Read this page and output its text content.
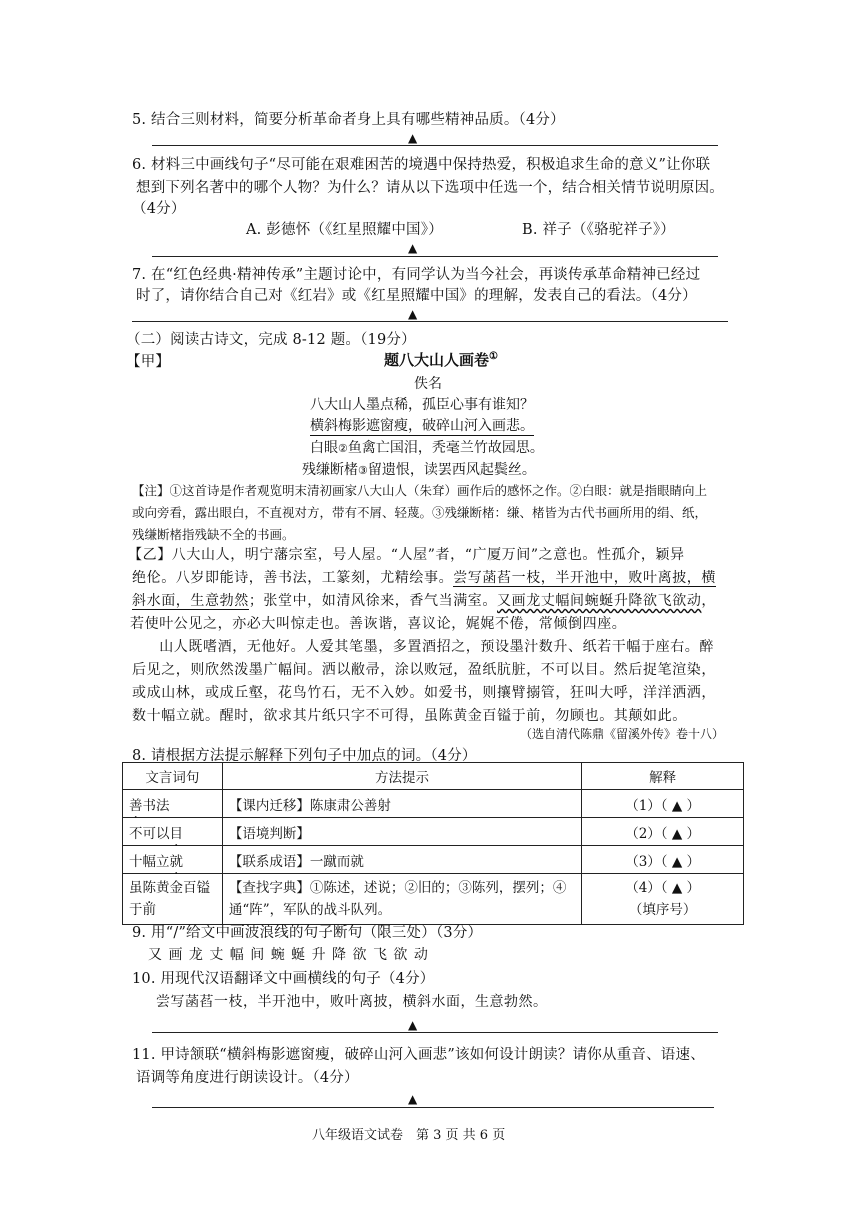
5. 结合三则材料，简要分析革命者身上具有哪些精神品质。（4分）
▲
6. 材料三中画线句子“尽可能在艰难困苦的境遇中保持热爱，积极追求生命的意义”让你联
想到下列名著中的哪个人物？为什么？请从以下选项中任选一个，结合相关情节说明原因。
（4分）
A. 彭德怀（《红星照耀中国》）	B. 祥子（《骆驼祥子》）
▲
7. 在“红色经典·精神传承”主题讨论中，有同学认为当今社会，再谈传承革命精神已经过
时了，请你结合自己对《红岩》或《红星照耀中国》的理解，发表自己的看法。（4分）
▲
（二）阅读古诗文，完成 8-12 题。（19分）
【甲】	题八大山人画卷①
佚名
八大山人墨点稀，孤臣心事有谁知？
横斜梅影遮窗瘦，破碎山河入画悲。
白眼②鱼禽亡国泪，秃毫兰竹故园思。
残缣断楮③留遗恨，读罢西风起鬓丝。
【注】①这首诗是作者观览明末清初画家八大山人（朱耷）画作后的感怀之作。②白眼：就是指眼睛向上
或向旁看，露出眼白，不直视对方，带有不屑、轻蔑。③残缣断楮：缣、楮皆为古代书画所用的绢、纸，
残缣断楮指残缺不全的书画。
【乙】八大山人，明宁藩宗室，号人屋。“人屋”者，“广厦万间”之意也。性孤介，颖异
绝伦。八岁即能诗，善书法，工篆刻，尤精绘事。尝写菡萏一枝，半开池中，败叶离披，横
斜水面，生意勃然；张堂中，如清风徐来，香气当满室。又画龙丈幅间蜿蜒升降欲飞欲动，
若使叶公见之，亦必大叫惊走也。善诙谐，喜议论，娓娓不倦，常倾倒四座。
　　山人既嗜酒，无他好。人爱其笔墨，多置酒招之，预设墨汁数升、纸若干幅于座右。醉
后见之，则欣然泼墨广幅间。洒以敝帚，涂以败冠，盈纸肮脏，不可以目。然后捉笔渲染，
或成山林，或成丘壑，花鸟竹石，无不入妙。如爱书，则攘臂搦管，狂叫大呼，洋洋洒洒，
数十幅立就。醒时，欲求其片纸只字不可得，虽陈黄金百镒于前，勿顾也。其颠如此。
（选自清代陈鼎《留溪外传》卷十八）
8. 请根据方法提示解释下列句子中加点的词。（4分）
文言词句	方法提示	解释
善书法	【课内迁移】陈康肃公善射	（1）（ ▲ ）
不可以目	【语境判断】	（2）（ ▲ ）
十幅立就	【联系成语】一蹴而就	（3）（ ▲ ）
虽陈黄金百镒于前	【查找字典】①陈述，述说；②旧的；③陈列，摆列；④通“阵”，军队的战斗队列。	（4）（ ▲ ）
（填序号）
9. 用“/”给文中画波浪线的句子断句（限三处）（3分）
又 画 龙 丈 幅 间 蜿 蜒 升 降 欲 飞 欲 动
10. 用现代汉语翻译文中画横线的句子（4分）
尝写菡萏一枝，半开池中，败叶离披，横斜水面，生意勃然。
▲
11. 甲诗颔联“横斜梅影遮窗瘦，破碎山河入画悲”该如何设计朗读？请你从重音、语速、
语调等角度进行朗读设计。（4分）
▲
八年级语文试卷　第 3 页 共 6 页
